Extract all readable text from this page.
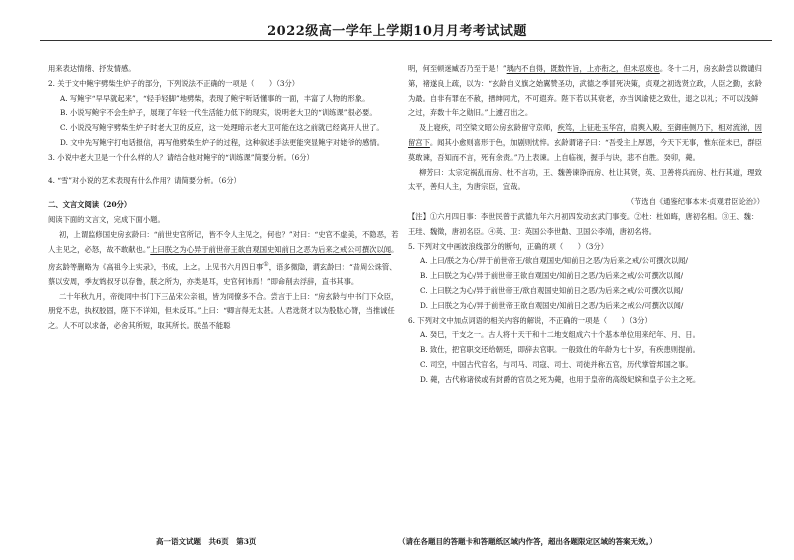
2022级高一学年上学期10月月考考试试题

用来表达情绪、抒发情感。

2. 关于文中鲍宇劈柴生炉子的部分，下列说法不正确的一项是（　　）（3分）

A. 写鲍宇“早早就起来”，“轻手轻脚”地劈柴，表现了鲍宇听话懂事的一面，丰富了人物的形象。

B. 小说写鲍宇不会生炉子，展现了年轻一代生活能力低下的现实，说明老大卫的“训练课”很必要。

C. 小说没写鲍宇劈柴生炉子时老大卫的反应，这一处理暗示老大卫可能在这之前就已经离开人世了。

D. 文中先写鲍宇打电话报信，再写他劈柴生炉子的过程，这种叙述手法更能突显鲍宇对姥爷的感情。

3. 小说中老大卫是一个什么样的人？请结合他对鲍宇的“训练课”简要分析。（6分）

4. “雪”对小说的艺术表现有什么作用？请简要分析。（6分）

二、文言文阅读（20分）

阅读下面的文言文，完成下面小题。

初，上谓监修国史房玄龄曰：“前世史官所记，皆不令人主见之，何也？”对曰：“史官不虚美，不隐恶，若人主见之，必怒，故不敢献也。”上曰朕之为心异于前世帝王欲自观国史知前日之恶为后来之戒公可撰次以闻。房玄龄等删略为《高祖今上实录》，书成，上之。上见书六月四日事①，语多微隐，谓玄龄曰：“昔周公诛管、蔡以安周，季友鸩叔牙以存鲁，朕之所为，亦类是耳，史官何讳焉！”即命削去浮辞，直书其事。

二十年秋九月，帝徙同中书门下三品宋公亲祖，皆为同僚多不合。尝言于上曰：“房玄龄与中书门下众臣，朋党不忠，执权胶固，陛下不详知，但未反耳。”上曰：“卿言得无太甚。人君选贤才以为股肱心膂，当推诚任之。人不可以求备，必舍其所短，取其所长。朕虽不能聪

明，何至顿迷臧否乃至于是！”瑀内不自得，既数忤旨，上亦衔之，但未忍废也。冬十二月，房玄龄尝以微谴归第，褚遂良上疏，以为：“玄龄自义旗之始翼赞圣功，武德之季冒死决策，贞观之初选贤立政，人臣之勤，玄龄为最。自非有罪在不赦，搢绅同尤，不可遐弃。陛下若以其衰老，亦当讽谕使之致仕，退之以礼；不可以浅鲜之过，弃数十年之勋旧。”上遽召出之。

及上寝疾，司空梁文昭公房玄龄留守京师，疾笃，上征赴玉华宫，肩舆入殿，至御座侧乃下，相对流涕，因留宫下。闻其小愈则喜形于色，加剧则忧悴。玄龄谓诸子曰：“吾受主上厚恩，今天下无事，惟东征未已，群臣莫敢谏，吾知而不言，死有余责。”乃上表谏。上自临视，握手与诀，悲不自胜。癸卯，薨。

柳芳曰：太宗定祸乱而房、杜不言功，王、魏善谏诤而房、杜让其贤，英、卫善将兵而房、杜行其道，理致太平，善归人主，为唐宗臣，宜哉。

（节选自《通鉴纪事本末·贞观君臣论治》）

【注】①六月四日事：李世民曾于武德九年六月初四发动玄武门事变。②杜：杜如晦，唐初名相。③王、魏：王珪、魏徵，唐初名臣。④英、卫：英国公李世勣、卫国公李靖，唐初名将。

5. 下列对文中画波浪线部分的断句，正确的项（　　）（3分）

A. 上曰/朕之为心/异于前世帝王/欲自观国史/知前日之恶/为后来之戒/公可撰次以闻/

B. 上曰朕之为心/异于前世帝王欲自观国史/知前日之恶/为后来之戒/公可撰次以闻/

C. 上曰朕之为心/异于前世帝王/欲自观国史知前日之恶/为后来之戒/公可撰次以闻/

D. 上曰朕之为心/异于前世帝王欲自观国史/知前日之恶/为后来之戒公/可撰次以闻/

6. 下列对文中加点词语的相关内容的解说，不正确的一项是（　　）（3分）

A. 癸巳，干支之一。古人将十天干和十二地支组成六十个基本单位用来纪年、月、日。

B. 致仕，把官职交还给朝廷，即辞去官职。一般致仕的年龄为七十岁，有疾患则提前。

C. 司空，中国古代官名，与司马、司寇、司士、司徒并称五官，历代掌管邦国之事。

D. 薨，古代称诸侯或有封爵的官员之死为薨，也用于皇帝的高级妃嫔和皇子公主之死。

高一语文试题　共6页　第3页	（请在各题目的答题卡和答题纸区域内作答，超出各题限定区域的答案无效。）
